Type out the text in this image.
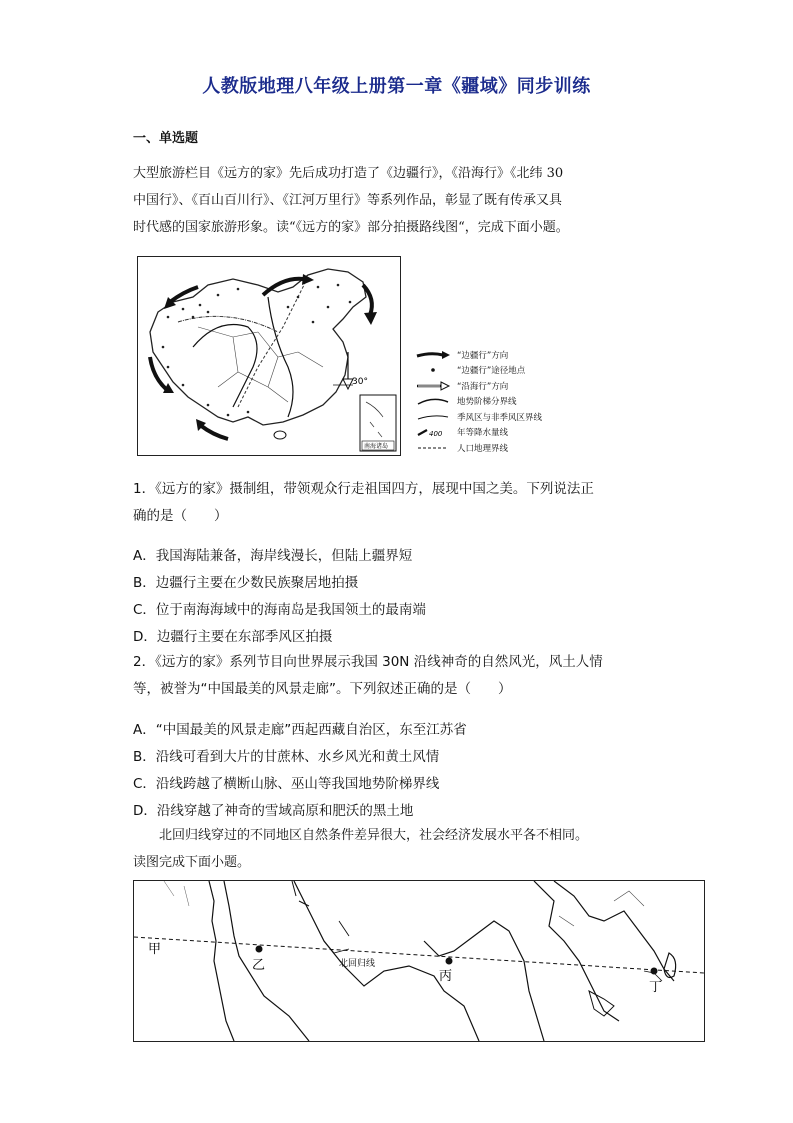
人教版地理八年级上册第一章《疆域》同步训练
一、单选题
大型旅游栏目《远方的家》先后成功打造了《边疆行》，《沿海行》《北纬 30
中国行》、《百山百川行》、《江河万里行》等系列作品，彰显了既有传承又具
时代感的国家旅游形象。读“《远方的家》部分拍摄路线图“，完成下面小题。
30°
南海诸岛
“边疆行”方向
“边疆行”途径地点
“沿海行”方向
地势阶梯分界线
季风区与非季风区界线
400 年等降水量线
人口地理界线
1．《远方的家》摄制组，带领观众行走祖国四方，展现中国之美。下列说法正
确的是（　　）
A．我国海陆兼备，海岸线漫长，但陆上疆界短
B．边疆行主要在少数民族聚居地拍摄
C．位于南海海域中的海南岛是我国领土的最南端
D．边疆行主要在东部季风区拍摄
2．《远方的家》系列节目向世界展示我国 30N 沿线神奇的自然风光，风土人情
等，被誉为“中国最美的风景走廊”。下列叙述正确的是（　　）
A．“中国最美的风景走廊”西起西藏自治区，东至江苏省
B．沿线可看到大片的甘蔗林、水乡风光和黄土风情
C．沿线跨越了横断山脉、巫山等我国地势阶梯界线
D．沿线穿越了神奇的雪域高原和肥沃的黑土地
　　北回归线穿过的不同地区自然条件差异很大，社会经济发展水平各不相同。
读图完成下面小题。
甲
乙
丙
丁
北回归线
